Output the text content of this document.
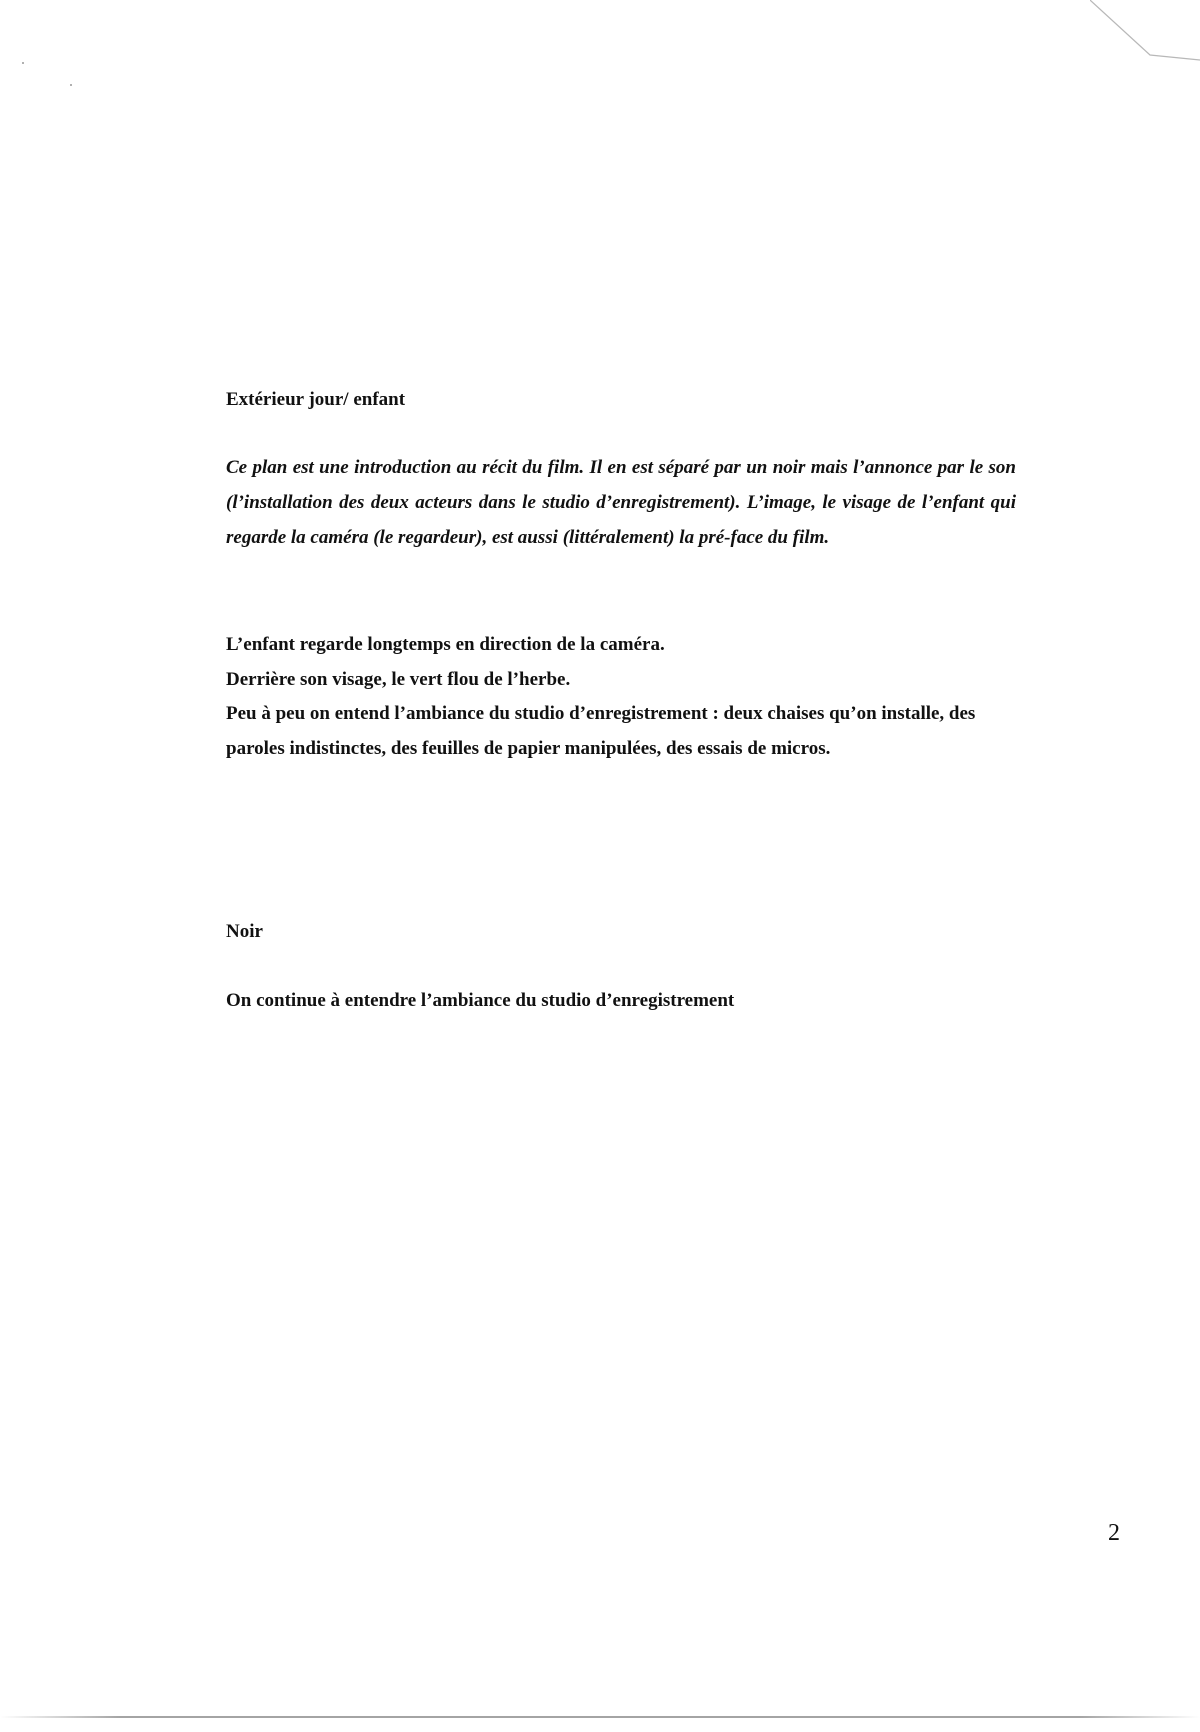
Extérieur jour/ enfant
Ce plan est une introduction au récit du film. Il en est séparé par un noir mais l’annonce par le son (l’installation des deux acteurs dans le studio d’enregistrement). L’image, le visage de l’enfant qui regarde la caméra (le regardeur), est aussi (littéralement) la pré-face du film.

L’enfant regarde longtemps en direction de la caméra.

Derrière son visage, le vert flou de l’herbe.

Peu à peu on entend l’ambiance du studio d’enregistrement : deux chaises qu’on installe, des paroles indistinctes, des feuilles de papier manipulées, des essais de micros.

Noir
On continue à entendre l’ambiance du studio d’enregistrement
2
